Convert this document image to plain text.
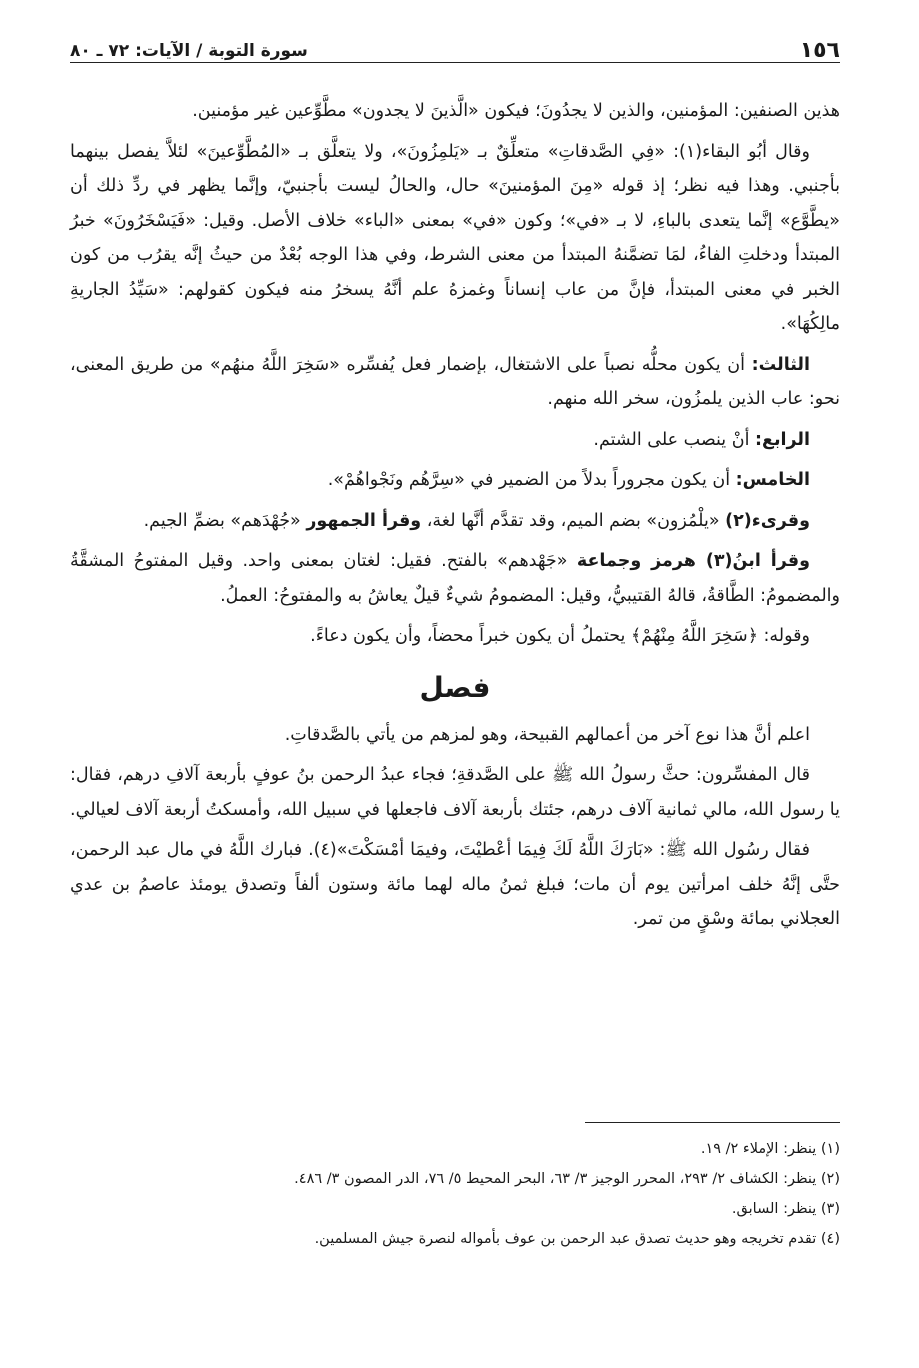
١٥٦
سورة التوبة / الآيات: ٧٢ ـ ٨٠

هذين الصنفين: المؤمنين، والذين لا يجدُونَ؛ فيكون «الَّذينَ لا يجدون» مطَّوِّعين غير مؤمنين.

وقال أبُو البقاء(١): «فِي الصَّدقاتِ» متعلِّقٌ بـ «يَلمِزُونَ»، ولا يتعلَّق بـ «المُطَّوِّعينَ» لئلاَّ يفصل بينهما بأجنبي. وهذا فيه نظر؛ إذ قوله «مِنَ المؤمنينَ» حال، والحالُ ليست بأجنبيّ، وإنَّما يظهر في ردِّ ذلك أن «يطَّوَّع» إنَّما يتعدى بالباءِ، لا بـ «في»؛ وكون «في» بمعنى «الباء» خلاف الأصل. وقيل: «فَيَسْخَرُونَ» خبرُ المبتدأ ودخلتِ الفاءُ، لمَا تضمَّنهُ المبتدأ من معنى الشرط، وفي هذا الوجه بُعْدٌ من حيثُ إنَّه يقرُب من كون الخبر في معنى المبتدأ، فإنَّ من عاب إنساناً وغمزهُ علم أنَّهُ يسخرُ منه فيكون كقولهم: «سَيِّدُ الجاريةِ مالِكُهَا».

الثالث: أن يكون محلُّه نصباً على الاشتغال، بإضمار فعل يُفسِّره «سَخِرَ اللَّهُ منهُم» من طريق المعنى، نحو: عاب الذين يلمزُون، سخر الله منهم.

الرابع: أنْ ينصب على الشتم.

الخامس: أن يكون مجروراً بدلاً من الضمير في «سِرَّهُم ونَجْواهُمْ».

وقرىء(٢) «يلْمُزون» بضم الميم، وقد تقدَّم أنَّها لغة، وقرأ الجمهور «جُهْدَهم» بضمِّ الجيم.

وقرأ ابنُ(٣) هرمز وجماعة «جَهْدهم» بالفتح. فقيل: لغتان بمعنى واحد. وقيل المفتوحُ المشقَّةُ والمضمومُ: الطَّاقةُ، قالهُ القتيبيُّ، وقيل: المضمومُ شيءٌ قيلٌ يعاشُ به والمفتوحُ: العملُ.

وقوله: ﴿سَخِرَ اللَّهُ مِنْهُمْ﴾ يحتملُ أن يكون خبراً محضاً، وأن يكون دعاءً.

فصل

اعلم أنَّ هذا نوع آخر من أعمالهم القبيحة، وهو لمزهم من يأتي بالصَّدقاتِ.

قال المفسِّرون: حثَّ رسولُ الله ﷺ على الصَّدقةِ؛ فجاء عبدُ الرحمن بنُ عوفٍ بأربعة آلافِ درهم، فقال: يا رسول الله، مالي ثمانية آلاف درهم، جئتك بأربعة آلاف فاجعلها في سبيل الله، وأمسكتُ أربعة آلاف لعيالي.

فقال رسُول الله ﷺ: «بَارَكَ اللَّهُ لَكَ فِيمَا أعْطيْتَ، وفيمَا أمْسَكْتَ»(٤). فبارك اللَّهُ في مال عبد الرحمن، حتَّى إنَّهُ خلف امرأتين يوم أن مات؛ فبلغ ثمنُ ماله لهما مائة وستون ألفاً وتصدق يومئذ عاصمُ بن عدي العجلاني بمائة وسْقٍ من تمر.

(١) ينظر: الإملاء ٢/ ١٩.

(٢) ينظر: الكشاف ٢/ ٢٩٣، المحرر الوجيز ٣/ ٦٣، البحر المحيط ٥/ ٧٦، الدر المصون ٣/ ٤٨٦.

(٣) ينظر: السابق.

(٤) تقدم تخريجه وهو حديث تصدق عبد الرحمن بن عوف بأمواله لنصرة جيش المسلمين.
